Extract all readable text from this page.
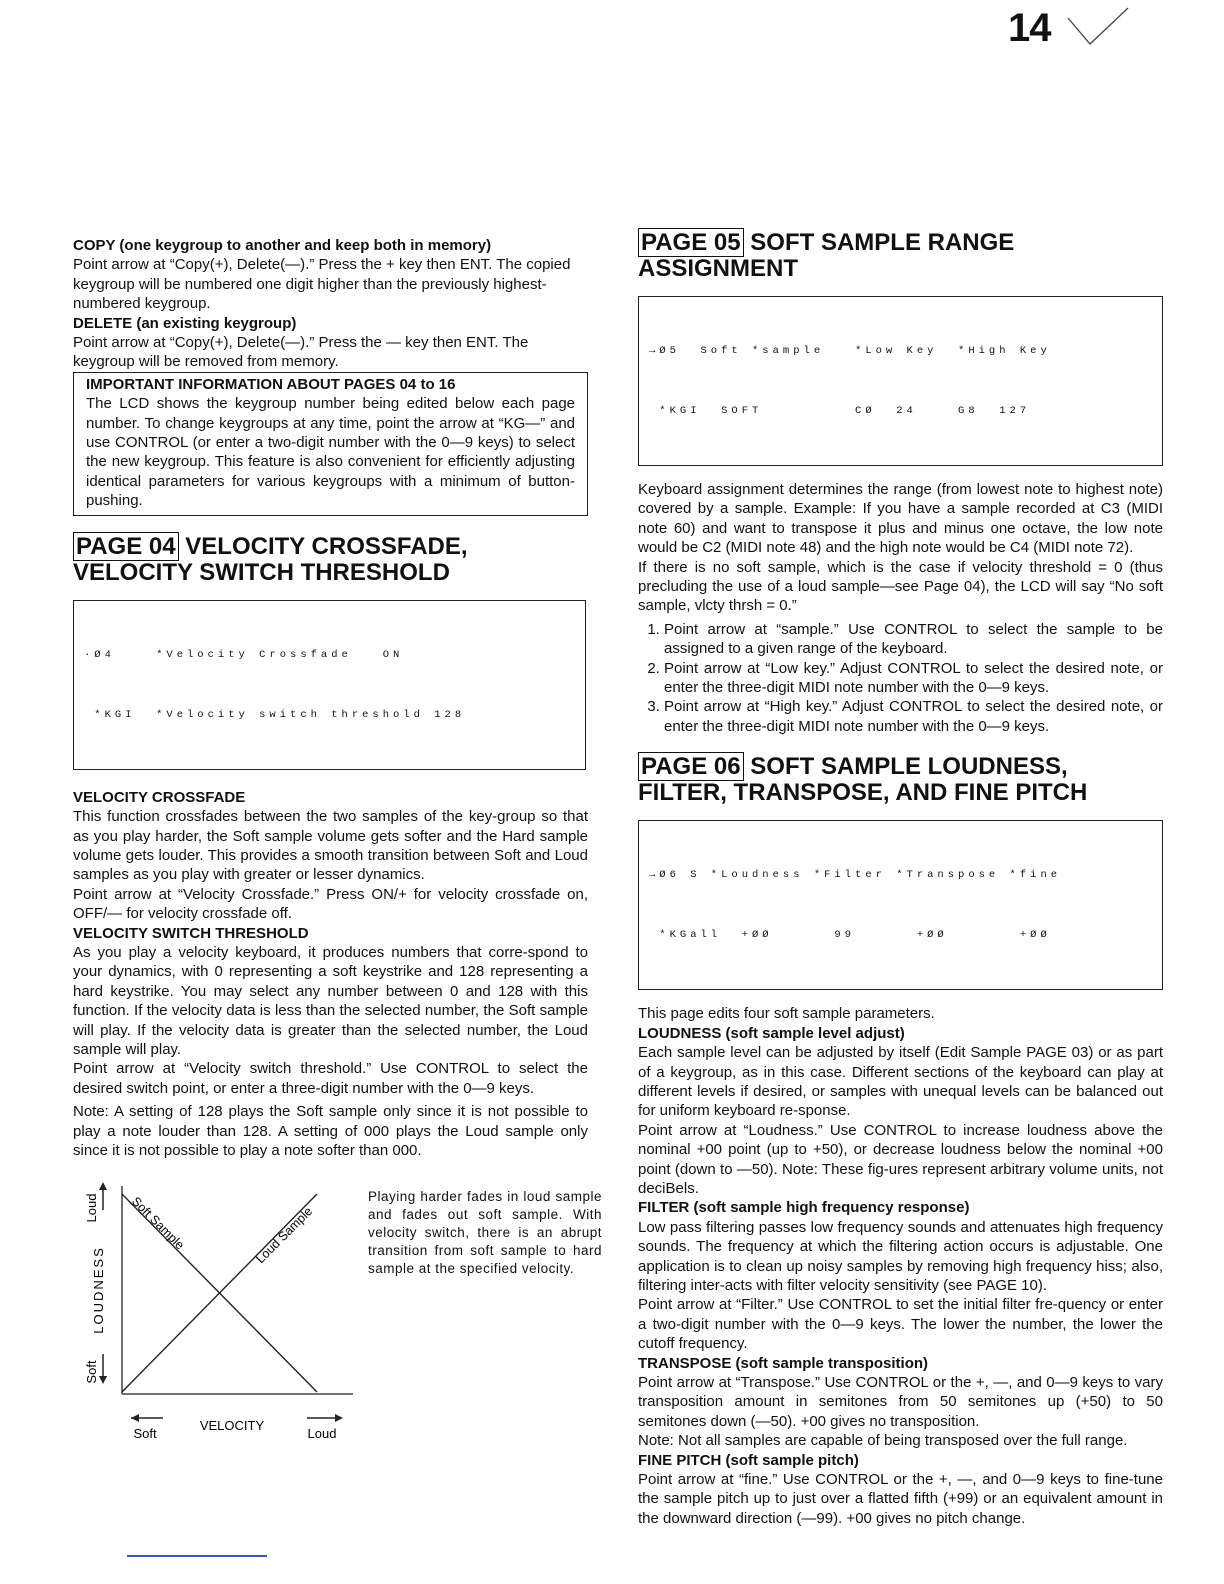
14

COPY (one keygroup to another and keep both in memory)

Point arrow at “Copy(+), Delete(—).” Press the + key then ENT. The copied keygroup will be numbered one digit higher than the previously highest-numbered keygroup.

DELETE (an existing keygroup)

Point arrow at “Copy(+), Delete(—).” Press the — key then ENT. The keygroup will be removed from memory.

IMPORTANT INFORMATION ABOUT PAGES 04 to 16

The LCD shows the keygroup number being edited below each page number. To change keygroups at any time, point the arrow at “KG—” and use CONTROL (or enter a two-digit number with the 0—9 keys) to select the new keygroup. This feature is also convenient for efficiently adjusting identical parameters for various keygroups with a minimum of button-pushing.

PAGE 04 VELOCITY CROSSFADE, VELOCITY SWITCH THRESHOLD

·Ø4    *Velocity Crossfade   ON

*KGI  *Velocity switch threshold 128

VELOCITY CROSSFADE

This function crossfades between the two samples of the key-group so that as you play harder, the Soft sample volume gets softer and the Hard sample volume gets louder. This provides a smooth transition between Soft and Loud samples as you play with greater or lesser dynamics.

Point arrow at “Velocity Crossfade.” Press ON/+ for velocity crossfade on, OFF/— for velocity crossfade off.

VELOCITY SWITCH THRESHOLD

As you play a velocity keyboard, it produces numbers that corre-spond to your dynamics, with 0 representing a soft keystrike and 128 representing a hard keystrike. You may select any number between 0 and 128 with this function. If the velocity data is less than the selected number, the Soft sample will play. If the velocity data is greater than the selected number, the Loud sample will play.

Point arrow at “Velocity switch threshold.” Use CONTROL to select the desired switch point, or enter a three-digit number with the 0—9 keys.

Note: A setting of 128 plays the Soft sample only since it is not possible to play a note louder than 128. A setting of 000 plays the Loud sample only since it is not possible to play a note softer than 000.

Loud
LOUDNESS
Soft
Soft Sample	Loud Sample
Soft
VELOCITY
Loud

Playing harder fades in loud sample and fades out soft sample. With velocity switch, there is an abrupt transition from soft sample to hard sample at the specified velocity.

PAGE 05 SOFT SAMPLE RANGE ASSIGNMENT

→Ø5  Soft *sample   *Low Key  *High Key

*KGI  SOFT         CØ  24    G8  127

Keyboard assignment determines the range (from lowest note to highest note) covered by a sample. Example: If you have a sample recorded at C3 (MIDI note 60) and want to transpose it plus and minus one octave, the low note would be C2 (MIDI note 48) and the high note would be C4 (MIDI note 72).

If there is no soft sample, which is the case if velocity threshold = 0 (thus precluding the use of a loud sample—see Page 04), the LCD will say “No soft sample, vlcty thrsh = 0.”

1. Point arrow at “sample.” Use CONTROL to select the sample to be assigned to a given range of the keyboard.
2. Point arrow at “Low key.” Adjust CONTROL to select the desired note, or enter the three-digit MIDI note number with the 0—9 keys.
3. Point arrow at “High key.” Adjust CONTROL to select the desired note, or enter the three-digit MIDI note number with the 0—9 keys.
PAGE 06 SOFT SAMPLE LOUDNESS, FILTER, TRANSPOSE, AND FINE PITCH

→Ø6 S *Loudness *Filter *Transpose *fine

*KGall  +ØØ      99      +ØØ       +ØØ

This page edits four soft sample parameters.

LOUDNESS (soft sample level adjust)

Each sample level can be adjusted by itself (Edit Sample PAGE 03) or as part of a keygroup, as in this case. Different sections of the keyboard can play at different levels if desired, or samples with unequal levels can be balanced out for uniform keyboard re-sponse.

Point arrow at “Loudness.” Use CONTROL to increase loudness above the nominal +00 point (up to +50), or decrease loudness below the nominal +00 point (down to —50). Note: These fig-ures represent arbitrary volume units, not deciBels.

FILTER (soft sample high frequency response)

Low pass filtering passes low frequency sounds and attenuates high frequency sounds. The frequency at which the filtering action occurs is adjustable. One application is to clean up noisy samples by removing high frequency hiss; also, filtering inter-acts with filter velocity sensitivity (see PAGE 10).

Point arrow at “Filter.” Use CONTROL to set the initial filter fre-quency or enter a two-digit number with the 0—9 keys. The lower the number, the lower the cutoff frequency.

TRANSPOSE (soft sample transposition)

Point arrow at “Transpose.” Use CONTROL or the +, —, and 0—9 keys to vary transposition amount in semitones from 50 semitones up (+50) to 50 semitones down (—50). +00 gives no transposition.

Note: Not all samples are capable of being transposed over the full range.

FINE PITCH (soft sample pitch)

Point arrow at “fine.” Use CONTROL or the +, —, and 0—9 keys to fine-tune the sample pitch up to just over a flatted fifth (+99) or an equivalent amount in the downward direction (—99). +00 gives no pitch change.
